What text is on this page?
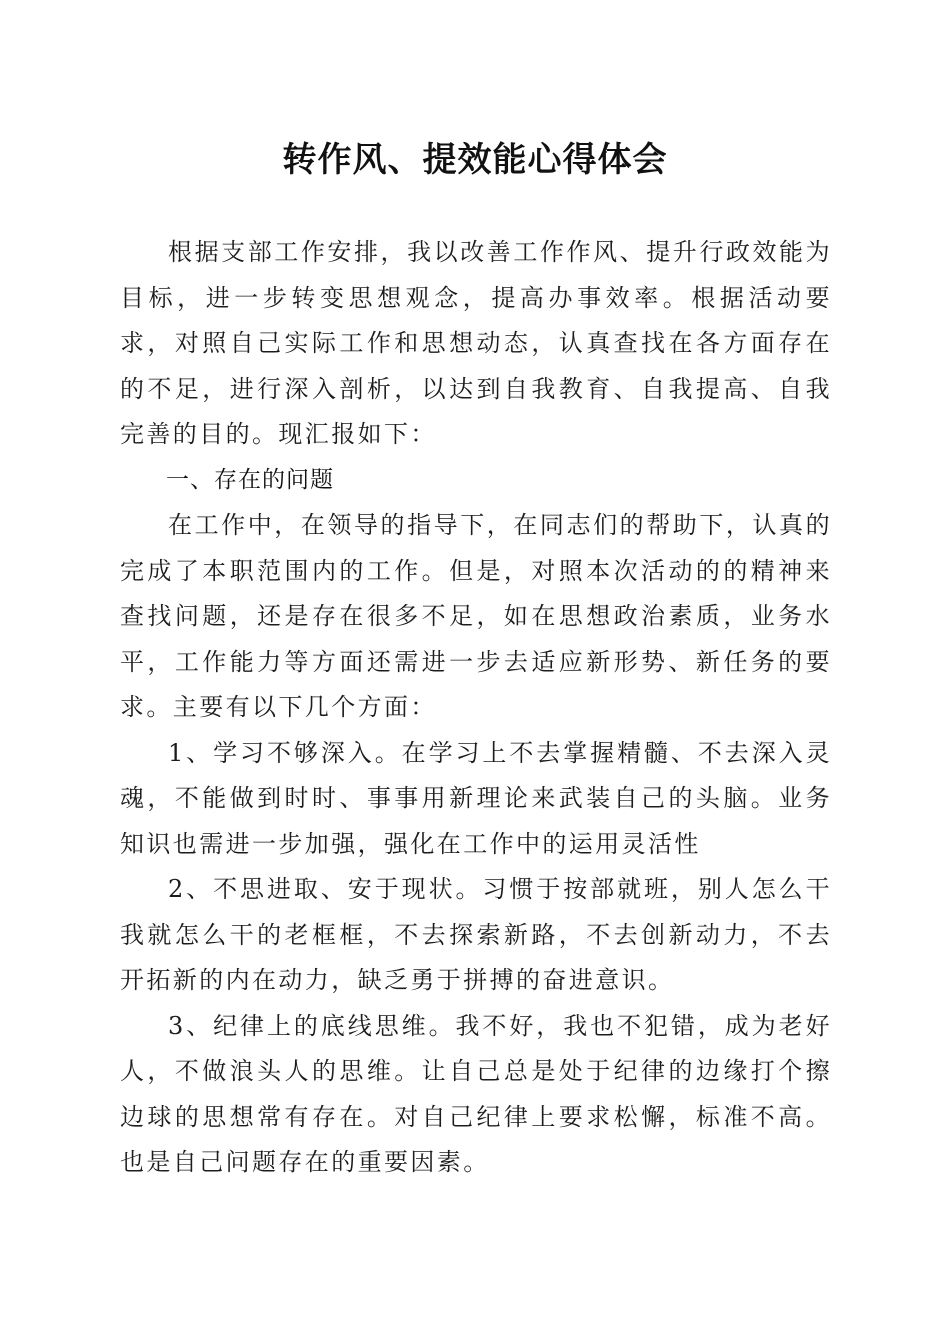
转作风、提效能心得体会

根据支部工作安排，我以改善工作作风、提升行政效能为目标，进一步转变思想观念，提高办事效率。根据活动要求，对照自己实际工作和思想动态，认真查找在各方面存在的不足，进行深入剖析，以达到自我教育、自我提高、自我完善的目的。现汇报如下：

一、存在的问题

在工作中，在领导的指导下，在同志们的帮助下，认真的完成了本职范围内的工作。但是，对照本次活动的的精神来查找问题，还是存在很多不足，如在思想政治素质，业务水平，工作能力等方面还需进一步去适应新形势、新任务的要求。主要有以下几个方面：

1、学习不够深入。在学习上不去掌握精髓、不去深入灵魂，不能做到时时、事事用新理论来武装自己的头脑。业务知识也需进一步加强，强化在工作中的运用灵活性

2、不思进取、安于现状。习惯于按部就班，别人怎么干我就怎么干的老框框，不去探索新路，不去创新动力，不去开拓新的内在动力，缺乏勇于拼搏的奋进意识。

3、纪律上的底线思维。我不好，我也不犯错，成为老好人，不做浪头人的思维。让自己总是处于纪律的边缘打个擦边球的思想常有存在。对自己纪律上要求松懈，标准不高。也是自己问题存在的重要因素。
